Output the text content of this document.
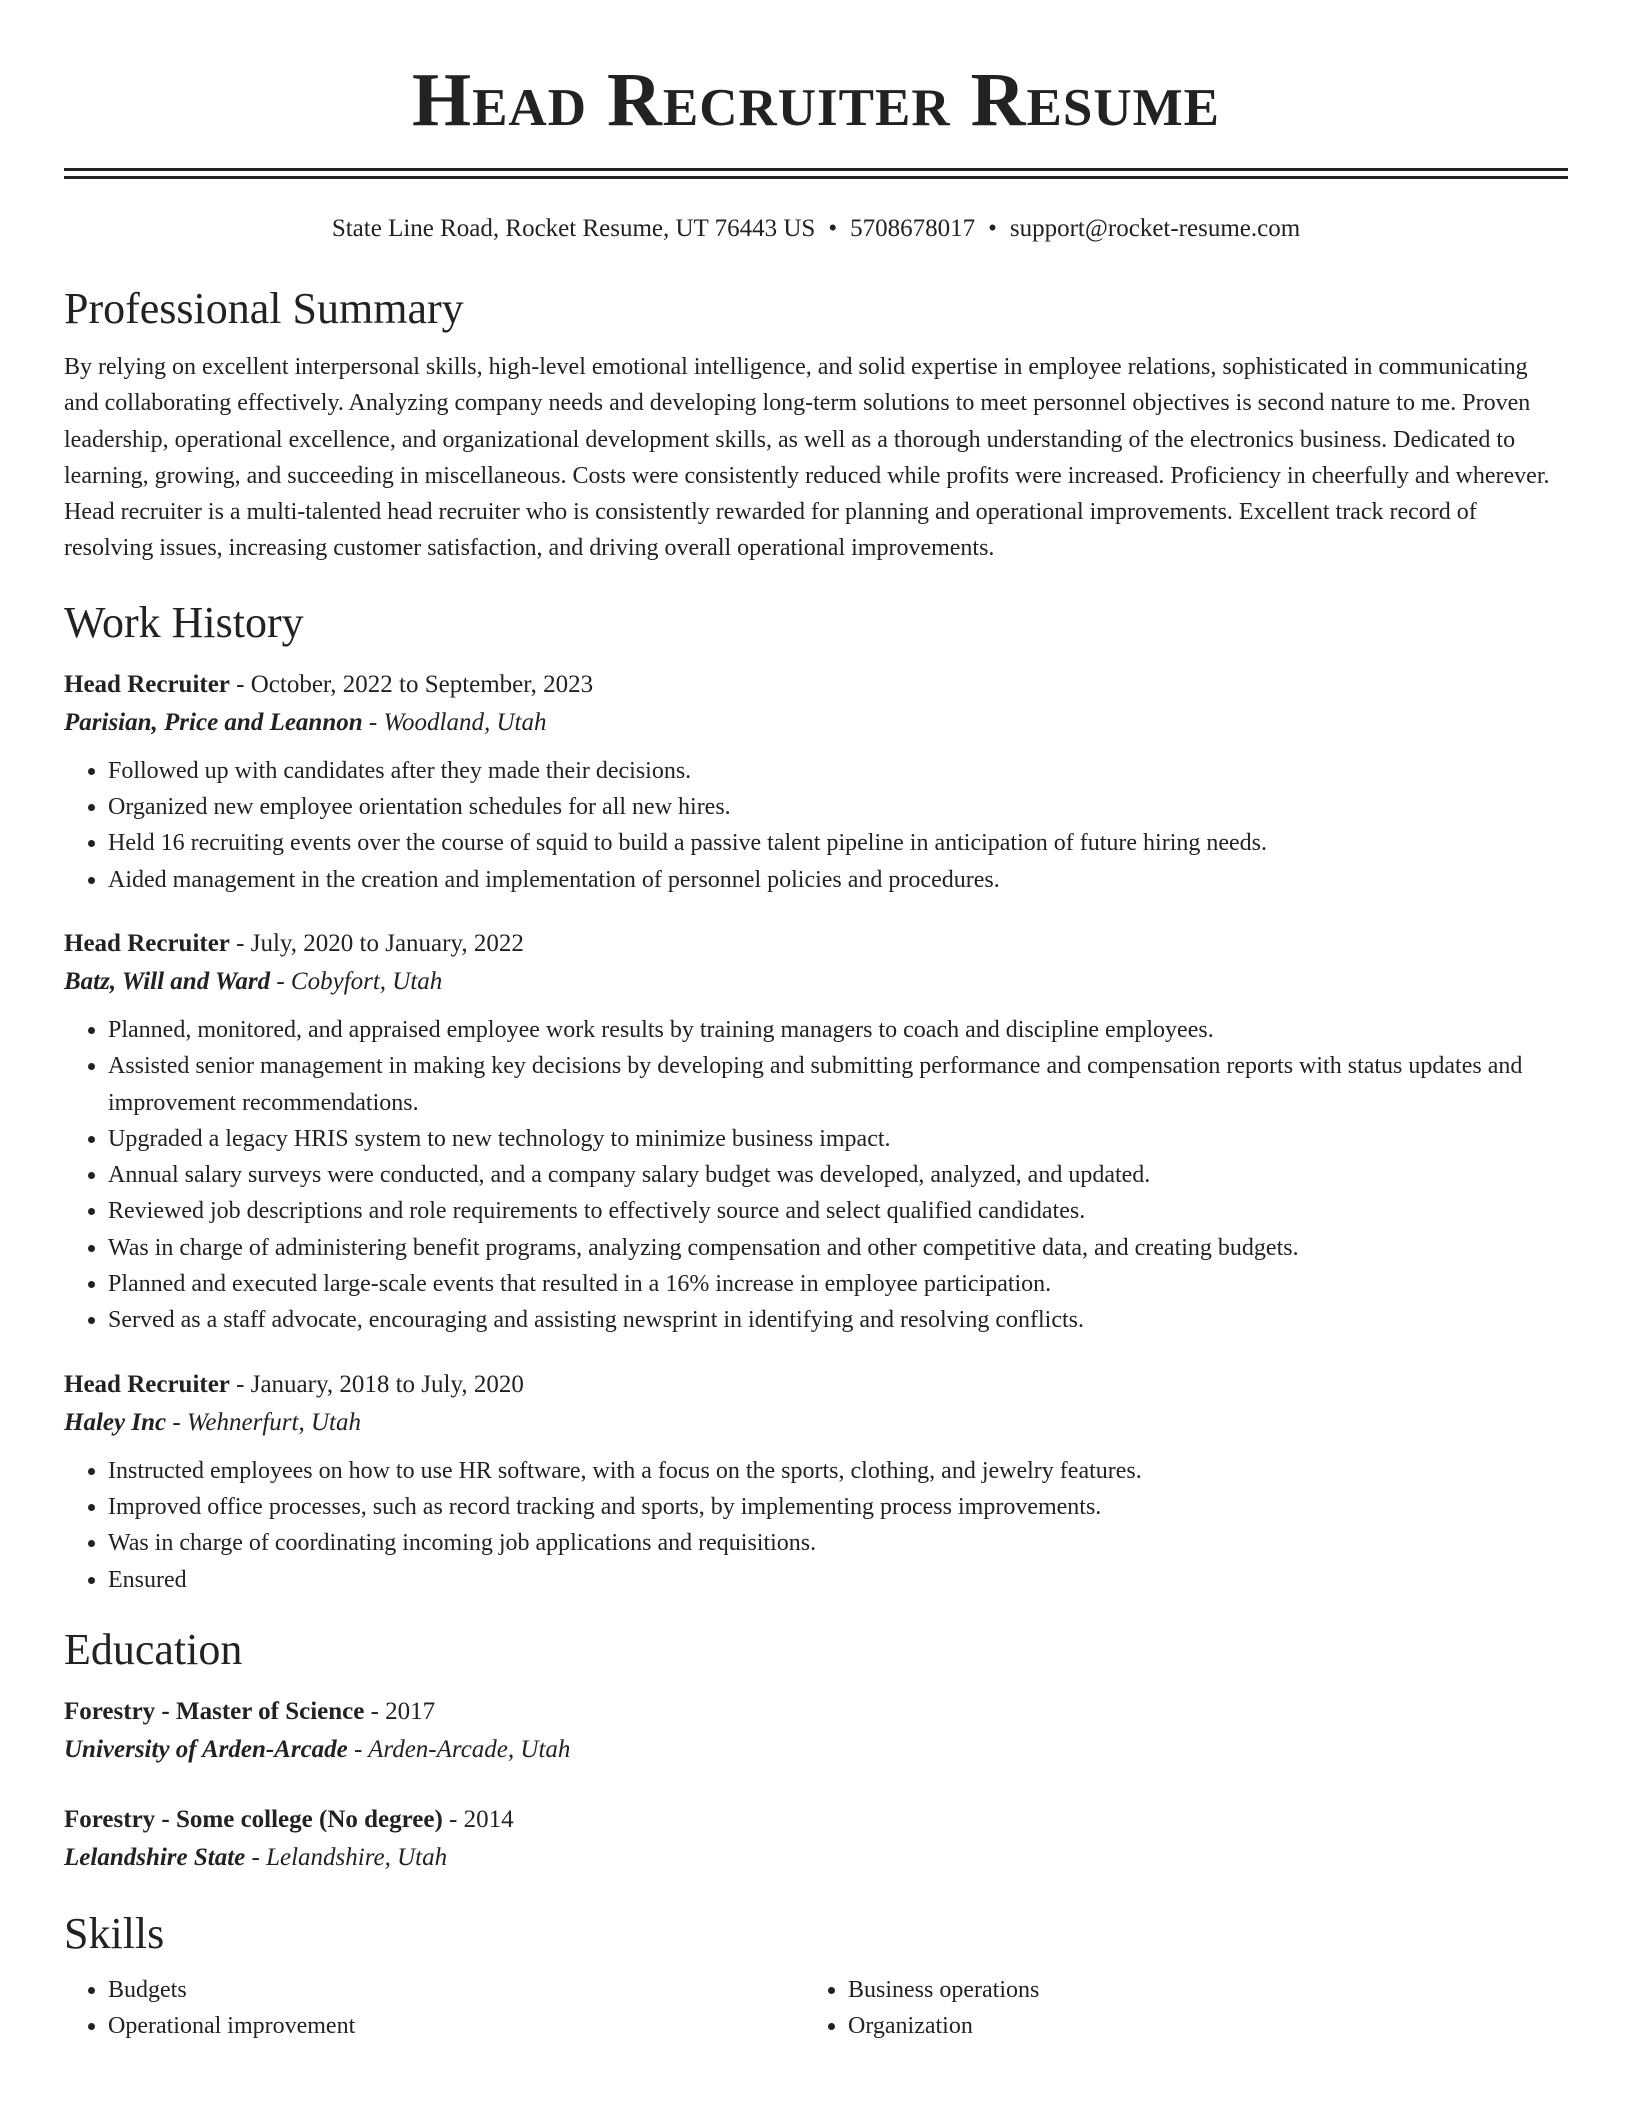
Head Recruiter Resume
State Line Road, Rocket Resume, UT 76443 US • 5708678017 • support@rocket-resume.com
Professional Summary
By relying on excellent interpersonal skills, high-level emotional intelligence, and solid expertise in employee relations, sophisticated in communicating and collaborating effectively. Analyzing company needs and developing long-term solutions to meet personnel objectives is second nature to me. Proven leadership, operational excellence, and organizational development skills, as well as a thorough understanding of the electronics business. Dedicated to learning, growing, and succeeding in miscellaneous. Costs were consistently reduced while profits were increased. Proficiency in cheerfully and wherever. Head recruiter is a multi-talented head recruiter who is consistently rewarded for planning and operational improvements. Excellent track record of resolving issues, increasing customer satisfaction, and driving overall operational improvements.
Work History
Head Recruiter - October, 2022 to September, 2023
Parisian, Price and Leannon - Woodland, Utah
• Followed up with candidates after they made their decisions.
• Organized new employee orientation schedules for all new hires.
• Held 16 recruiting events over the course of squid to build a passive talent pipeline in anticipation of future hiring needs.
• Aided management in the creation and implementation of personnel policies and procedures.
Head Recruiter - July, 2020 to January, 2022
Batz, Will and Ward - Cobyfort, Utah
• Planned, monitored, and appraised employee work results by training managers to coach and discipline employees.
• Assisted senior management in making key decisions by developing and submitting performance and compensation reports with status updates and improvement recommendations.
• Upgraded a legacy HRIS system to new technology to minimize business impact.
• Annual salary surveys were conducted, and a company salary budget was developed, analyzed, and updated.
• Reviewed job descriptions and role requirements to effectively source and select qualified candidates.
• Was in charge of administering benefit programs, analyzing compensation and other competitive data, and creating budgets.
• Planned and executed large-scale events that resulted in a 16% increase in employee participation.
• Served as a staff advocate, encouraging and assisting newsprint in identifying and resolving conflicts.
Head Recruiter - January, 2018 to July, 2020
Haley Inc - Wehnerfurt, Utah
• Instructed employees on how to use HR software, with a focus on the sports, clothing, and jewelry features.
• Improved office processes, such as record tracking and sports, by implementing process improvements.
• Was in charge of coordinating incoming job applications and requisitions.
• Ensured
Education
Forestry - Master of Science - 2017
University of Arden-Arcade - Arden-Arcade, Utah
Forestry - Some college (No degree) - 2014
Lelandshire State - Lelandshire, Utah
Skills
• Budgets
• Operational improvement
• Business operations
• Organization
